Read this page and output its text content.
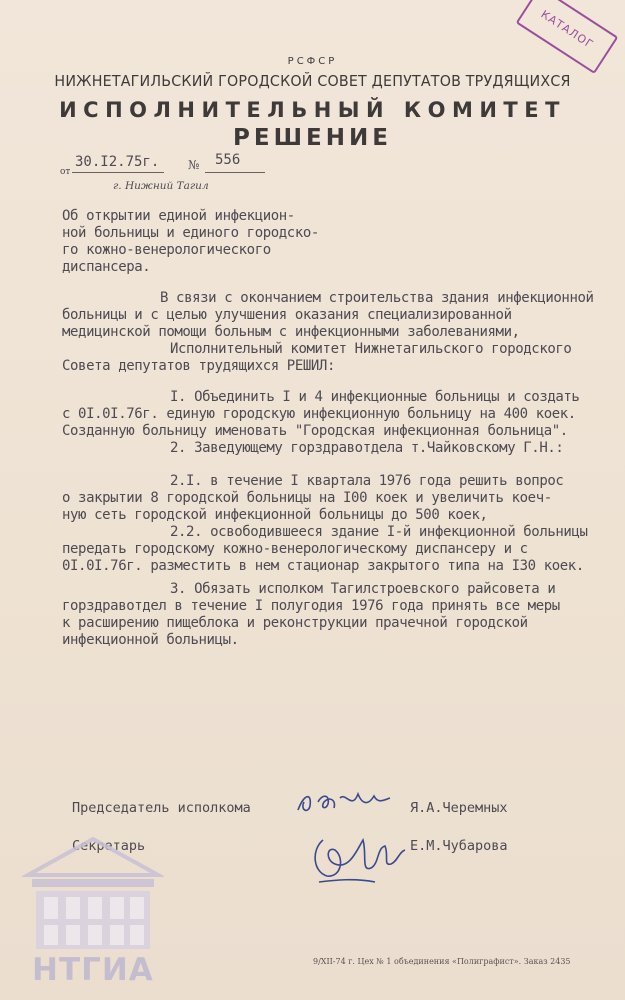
КАТАЛОГ
РСФСР
НИЖНЕТАГИЛЬСКИЙ ГОРОДСКОЙ СОВЕТ ДЕПУТАТОВ ТРУДЯЩИХСЯ
ИСПОЛНИТЕЛЬНЫЙ КОМИТЕТ
РЕШЕНИЕ
от
30.I2.75г. № 556
г. Нижний Тагил
Об открытии единой инфекцион-
ной больницы и единого городско-
го кожно-венерологического
диспансера.
В связи с окончанием строительства здания инфекционной
больницы и с целью улучшения оказания специализированной
медицинской помощи больным с инфекционными заболеваниями,
Исполнительный комитет Нижнетагильского городского
Совета депутатов трудящихся РЕШИЛ:
I. Объединить I и 4 инфекционные больницы и создать
с 0I.0I.76г. единую городскую инфекционную больницу на 400 коек.
Созданную больницу именовать "Городская инфекционная больница".
2. Заведующему горздравотдела т.Чайковскому Г.Н.:
2.I. в течение I квартала 1976 года решить вопрос
о закрытии 8 городской больницы на I00 коек и увеличить коеч-
ную сеть городской инфекционной больницы до 500 коек,
2.2. освободившееся здание I-й инфекционной больницы
передать городскому кожно-венерологическому диспансеру и с
0I.0I.76г. разместить в нем стационар закрытого типа на I30 коек.
3. Обязать исполком Тагилстроевского райсовета и
горздравотдел в течение I полугодия 1976 года принять все меры
к расширению пищеблока и реконструкции прачечной городской
инфекционной больницы.
Председатель исполкома	Я.А.Черемных
Секретарь	Е.М.Чубарова
НТГИА	9/XII-74 г. Цех № 1 объединения «Полиграфист». Заказ 2435
